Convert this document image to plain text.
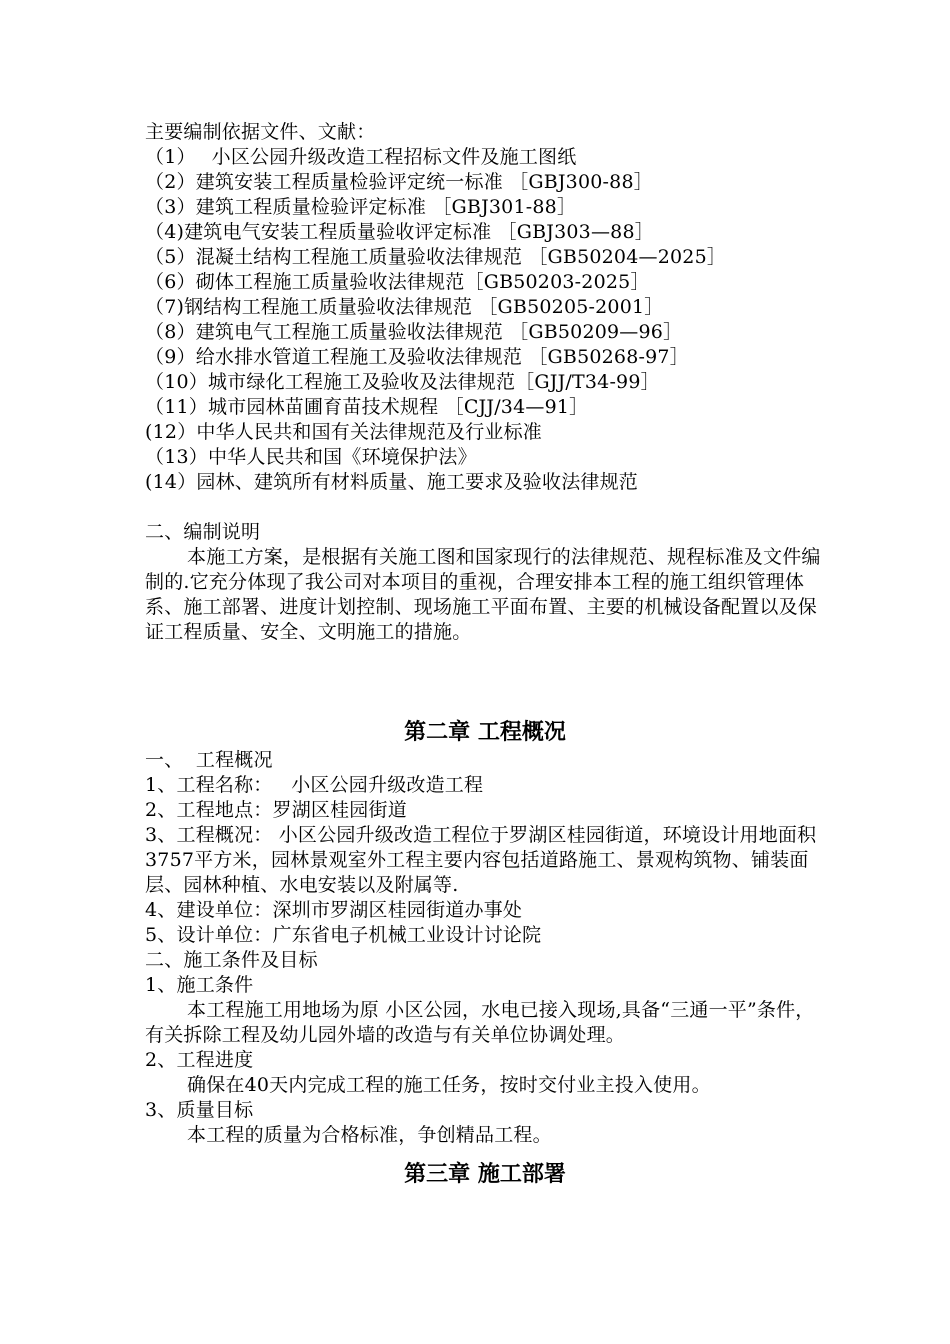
主要编制依据文件、文献：
（1）　 小区公园升级改造工程招标文件及施工图纸
（2）建筑安装工程质量检验评定统一标准 ［GBJ300-88］
（3）建筑工程质量检验评定标准 ［GBJ301-88］
（4)建筑电气安装工程质量验收评定标准 ［GBJ303—88］
（5）混凝土结构工程施工质量验收法律规范 ［GB50204—2025］
（6）砌体工程施工质量验收法律规范［GB50203-2025］
（7)钢结构工程施工质量验收法律规范 ［GB50205-2001］
（8）建筑电气工程施工质量验收法律规范 ［GB50209—96］
（9）给水排水管道工程施工及验收法律规范 ［GB50268-97］
（10）城市绿化工程施工及验收及法律规范［GJJ/T34-99］
（11）城市园林苗圃育苗技术规程 ［CJJ/34—91］
(12）中华人民共和国有关法律规范及行业标准
（13）中华人民共和国《环境保护法》
(14）园林、建筑所有材料质量、施工要求及验收法律规范
二、编制说明
本施工方案，是根据有关施工图和国家现行的法律规范、规程标准及文件编制的.它充分体现了我公司对本项目的重视，合理安排本工程的施工组织管理体系、施工部署、进度计划控制、现场施工平面布置、主要的机械设备配置以及保证工程质量、安全、文明施工的措施。
第二章 工程概况
一、  工程概况
1、工程名称：   小区公园升级改造工程
2、工程地点：罗湖区桂园街道
3、工程概况： 小区公园升级改造工程位于罗湖区桂园街道，环境设计用地面积3757平方米，园林景观室外工程主要内容包括道路施工、景观构筑物、铺装面层、园林种植、水电安装以及附属等.
4、建设单位：深圳市罗湖区桂园街道办事处
5、设计单位：广东省电子机械工业设计讨论院
二、施工条件及目标
1、施工条件
本工程施工用地场为原 小区公园，水电已接入现场,具备“三通一平”条件，有关拆除工程及幼儿园外墙的改造与有关单位协调处理。
2、工程进度
确保在40天内完成工程的施工任务，按时交付业主投入使用。
3、质量目标
本工程的质量为合格标准，争创精品工程。
第三章 施工部署
